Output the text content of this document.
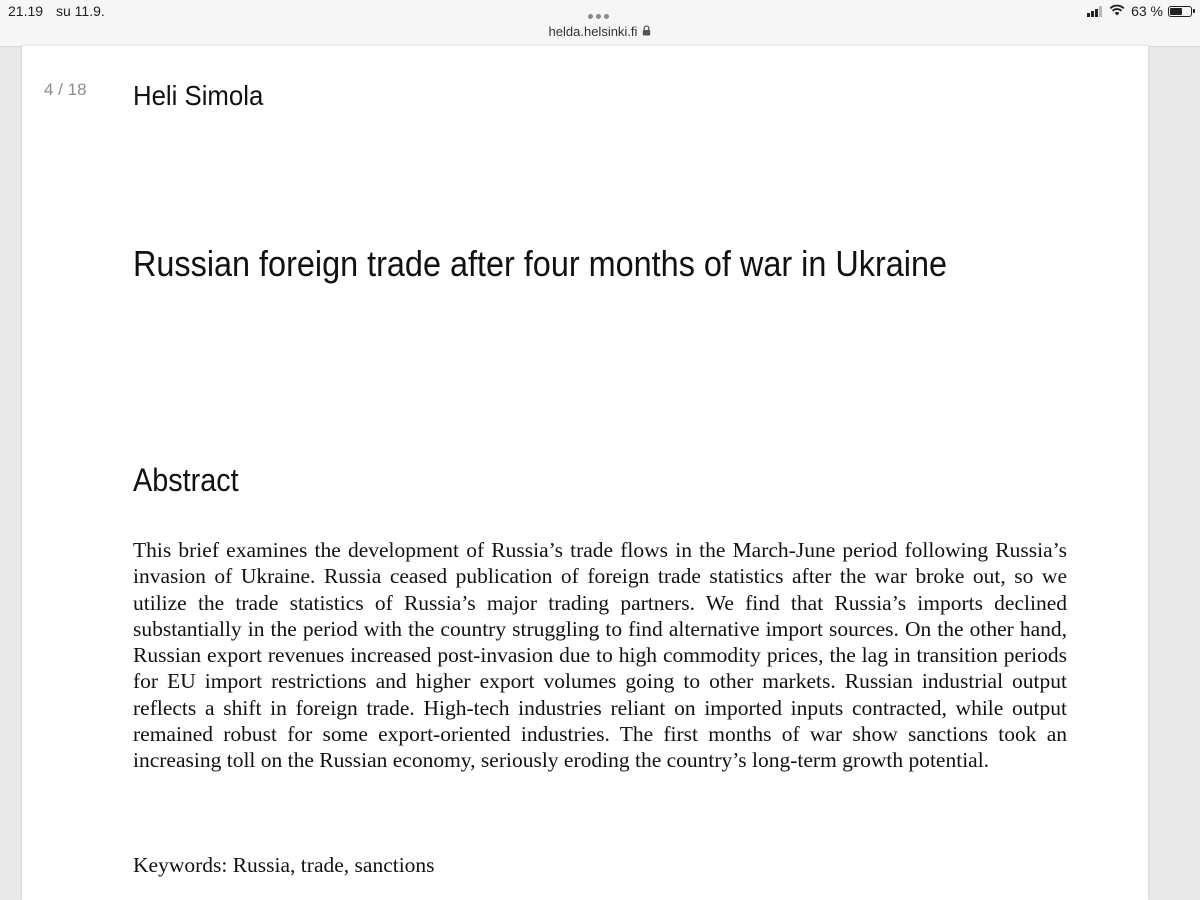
21.19 su 11.9.	63 %
helda.helsinki.fi
4 / 18 Heli Simola
Russian foreign trade after four months of war in Ukraine
Abstract
This brief examines the development of Russia’s trade flows in the March-June period following Russia’s invasion of Ukraine. Russia ceased publication of foreign trade statistics after the war broke out, so we utilize the trade statistics of Russia’s major trading partners. We find that Russia’s imports declined substantially in the period with the country struggling to find alternative import sources. On the other hand, Russian export revenues increased post-invasion due to high commodity prices, the lag in transition periods for EU import restrictions and higher export volumes going to other markets. Russian industrial output reflects a shift in foreign trade. High-tech industries reliant on imported inputs contracted, while output remained robust for some export-oriented industries. The first months of war show sanctions took an increasing toll on the Russian economy, seriously eroding the country’s long-term growth potential.
Keywords: Russia, trade, sanctions
